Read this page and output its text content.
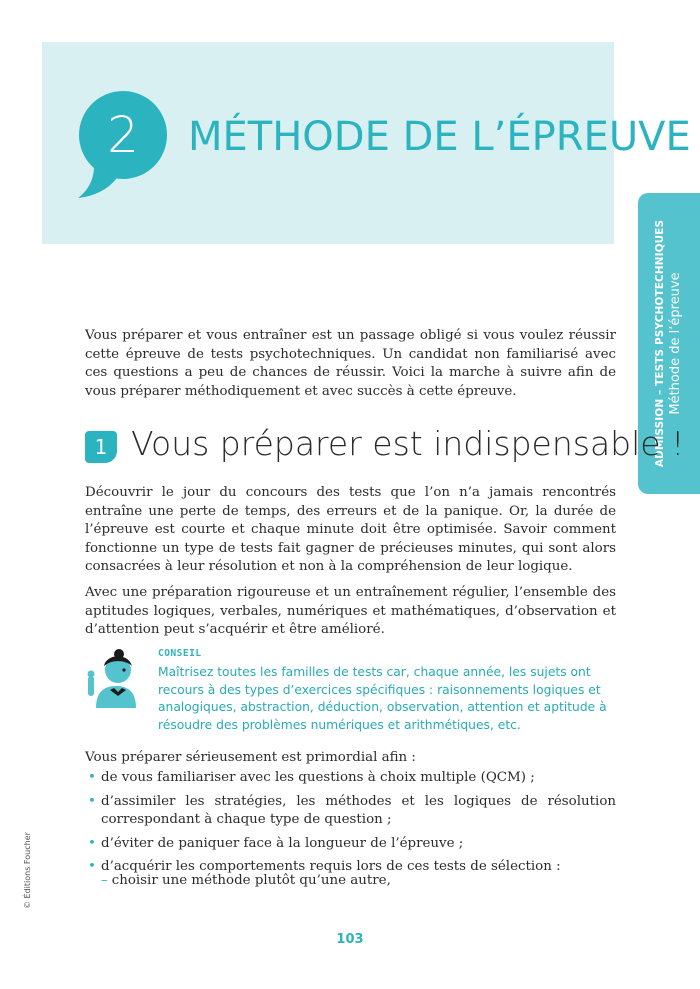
2	MÉTHODE DE L’ÉPREUVE
ADMISSION – TESTS PSYCHOTECHNIQUES Méthode de l’épreuve

Vous préparer et vous entraîner est un passage obligé si vous voulez réussir cette épreuve de tests psychotechniques. Un candidat non familiarisé avec ces questions a peu de chances de réussir. Voici la marche à suivre afin de vous préparer méthodiquement et avec succès à cette épreuve.

1 Vous préparer est indispensable !

Découvrir le jour du concours des tests que l’on n’a jamais rencontrés entraîne une perte de temps, des erreurs et de la panique. Or, la durée de l’épreuve est courte et chaque minute doit être optimisée. Savoir comment fonctionne un type de tests fait gagner de précieuses minutes, qui sont alors consacrées à leur résolution et non à la compréhension de leur logique.

Avec une préparation rigoureuse et un entraînement régulier, l’ensemble des aptitudes logiques, verbales, numériques et mathématiques, d’observation et d’attention peut s’acquérir et être amélioré.

CONSEIL

Maîtrisez toutes les familles de tests car, chaque année, les sujets ont recours à des types d’exercices spécifiques : raisonnements logiques et analogiques, abstraction, déduction, observation, attention et aptitude à résoudre des problèmes numériques et arithmétiques, etc.

Vous préparer sérieusement est primordial afin :
• de vous familiariser avec les questions à choix multiple (QCM) ;
• d’assimiler les stratégies, les méthodes et les logiques de résolution correspondant à chaque type de question ;
• d’éviter de paniquer face à la longueur de l’épreuve ;
• d’acquérir les comportements requis lors de ces tests de sélection :
– choisir une méthode plutôt qu’une autre,
© Éditions Foucher
103
